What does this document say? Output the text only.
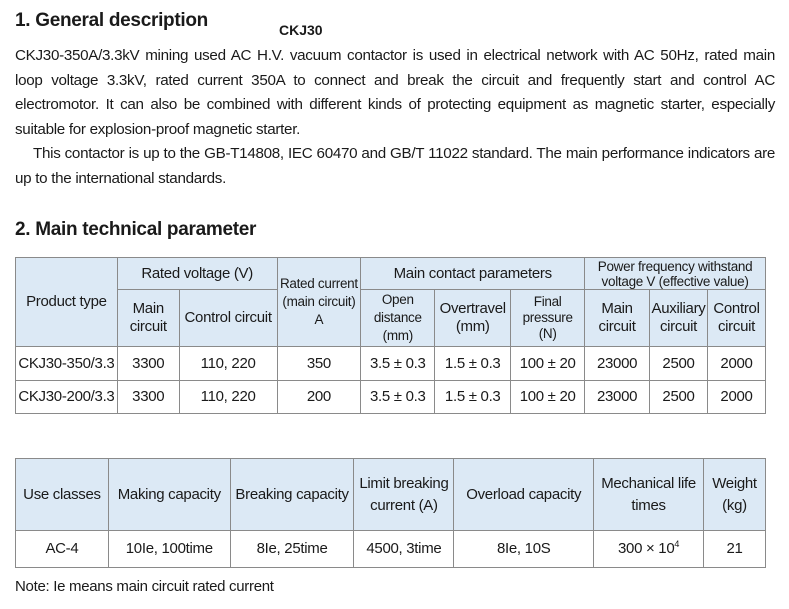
1. General description	CKJ30

CKJ30-350A/3.3kV mining used AC H.V. vacuum contactor is used in electrical network with AC 50Hz, rated main loop voltage 3.3kV, rated current 350A to connect and break the circuit and frequently start and control AC electromotor. It can also be combined with different kinds of protecting equipment as magnetic starter, especially suitable for explosion-proof magnetic starter.

This contactor is up to the GB-T14808, IEC 60470 and GB/T 11022 standard. The main performance indicators are up to the international standards.

2. Main technical parameter
Product type	Rated voltage (V)		Rated current (main circuit) A	Main contact parameters			Power frequency withstand voltage V (effective value)		
	Main circuit	Control circuit		Open distance (mm)	Overtravel (mm)	Final pressure (N)	Main circuit	Auxiliary circuit	Control circuit
CKJ30-350/3.3	3300	110, 220	350	3.5 ± 0.3	1.5 ± 0.3	100 ± 20	23000	2500	2000
CKJ30-200/3.3	3300	110, 220	200	3.5 ± 0.3	1.5 ± 0.3	100 ± 20	23000	2500	2000
Use classes	Making capacity	Breaking capacity	Limit breaking current (A)	Overload capacity	Mechanical life times	Weight (kg)
AC-4	10Ie, 100time	8Ie, 25time	4500, 3time	8Ie, 10S	$300 \times 10^4$	21
Note: Ie means main circuit rated current
